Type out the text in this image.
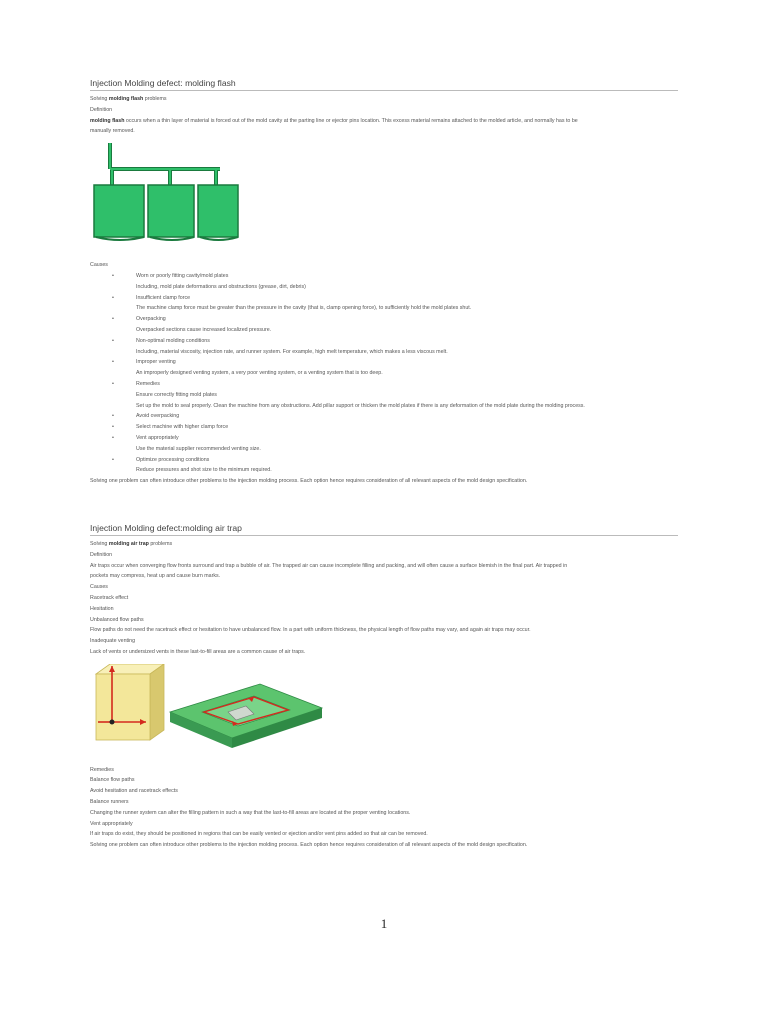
Injection Molding defect: molding flash
Solving molding flash problems
Definition
molding flash occurs when a thin layer of material is forced out of the mold cavity at the parting line or ejector pins location. This excess material remains attached to the molded article, and normally has to be
manually removed.
Causes
• Worn or poorly fitting cavity/mold plates
Including, mold plate deformations and obstructions (grease, dirt, debris)
• Insufficient clamp force
The machine clamp force must be greater than the pressure in the cavity (that is, clamp opening force), to sufficiently hold the mold plates shut.
• Overpacking
Overpacked sections cause increased localized pressure.
• Non-optimal molding conditions
Including, material viscosity, injection rate, and runner system. For example, high melt temperature, which makes a less viscous melt.
• Improper venting
An improperly designed venting system, a very poor venting system, or a venting system that is too deep.
• Remedies
Ensure correctly fitting mold plates
Set up the mold to seal properly. Clean the machine from any obstructions. Add pillar support or thicken the mold plates if there is any deformation of the mold plate during the molding process.
• Avoid overpacking
• Select machine with higher clamp force
• Vent appropriately
Use the material supplier recommended venting size.
• Optimize processing conditions
Reduce pressures and shot size to the minimum required.
Solving one problem can often introduce other problems to the injection molding process. Each option hence requires consideration of all relevant aspects of the mold design specification.
Injection Molding defect:molding air trap
Solving molding air trap problems
Definition
Air traps occur when converging flow fronts surround and trap a bubble of air. The trapped air can cause incomplete filling and packing, and will often cause a surface blemish in the final part. Air trapped in
pockets may compress, heat up and cause burn marks.
Causes
Racetrack effect
Hesitation
Unbalanced flow paths
Flow paths do not need the racetrack effect or hesitation to have unbalanced flow. In a part with uniform thickness, the physical length of flow paths may vary, and again air traps may occur.
Inadequate venting
Lack of vents or undersized vents in these last-to-fill areas are a common cause of air traps.
Remedies
Balance flow paths
Avoid hesitation and racetrack effects
Balance runners
Changing the runner system can alter the filling pattern in such a way that the last-to-fill areas are located at the proper venting locations.
Vent appropriately
If air traps do exist, they should be positioned in regions that can be easily vented or ejection and/or vent pins added so that air can be removed.
Solving one problem can often introduce other problems to the injection molding process. Each option hence requires consideration of all relevant aspects of the mold design specification.
1
